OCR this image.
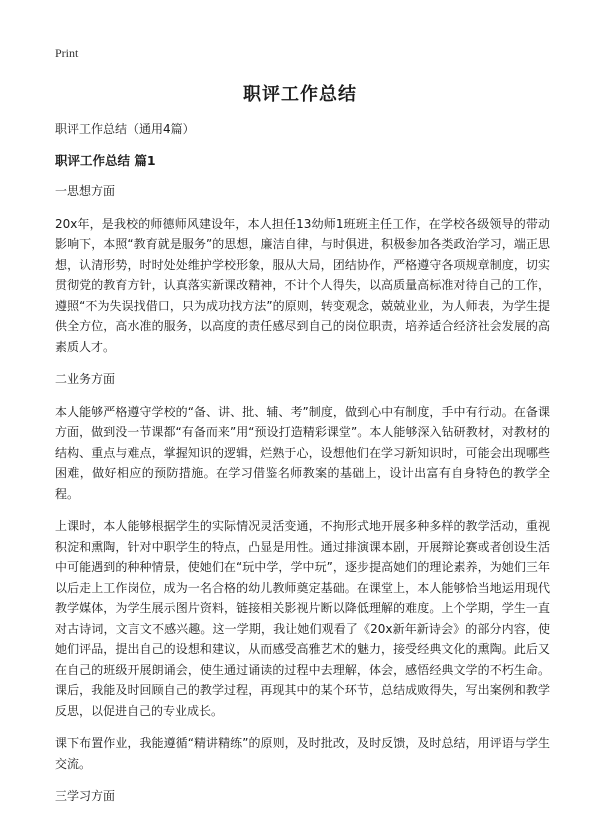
Print
职评工作总结

职评工作总结（通用4篇）

职评工作总结 篇1

一思想方面

20x年，是我校的师德师风建设年，本人担任13幼师1班班主任工作，在学校各级领导的带动影响下，本照“教育就是服务”的思想，廉洁自律，与时俱进，积极参加各类政治学习，端正思想，认清形势，时时处处维护学校形象，服从大局，团结协作，严格遵守各项规章制度，切实贯彻党的教育方针，认真落实新课改精神，不计个人得失，以高质量高标准对待自己的工作，遵照“不为失误找借口，只为成功找方法”的原则，转变观念，兢兢业业，为人师表，为学生提供全方位，高水准的服务，以高度的责任感尽到自己的岗位职责，培养适合经济社会发展的高素质人才。

二业务方面

本人能够严格遵守学校的“备、讲、批、辅、考”制度，做到心中有制度，手中有行动。在备课方面，做到没一节课都“有备而来”用“预设打造精彩课堂”。本人能够深入钻研教材，对教材的结构、重点与难点，掌握知识的逻辑，烂熟于心，设想他们在学习新知识时，可能会出现哪些困难，做好相应的预防措施。在学习借鉴名师教案的基础上，设计出富有自身特色的教学全程。

上课时，本人能够根据学生的实际情况灵活变通，不拘形式地开展多种多样的教学活动，重视积淀和熏陶，针对中职学生的特点，凸显是用性。通过排演课本剧，开展辩论赛或者创设生活中可能遇到的种种情景，使她们在“玩中学，学中玩”，逐步提高她们的理论素养，为她们三年以后走上工作岗位，成为一名合格的幼儿教师奠定基础。在课堂上，本人能够恰当地运用现代教学媒体，为学生展示图片资料，链接相关影视片断以降低理解的难度。上个学期，学生一直对古诗词，文言文不感兴趣。这一学期，我让她们观看了《20x新年新诗会》的部分内容，使她们评品，提出自己的设想和建议，从而感受高雅艺术的魅力，接受经典文化的熏陶。此后又在自己的班级开展朗诵会，使生通过诵读的过程中去理解，体会，感悟经典文学的不朽生命。课后，我能及时回顾自己的教学过程，再现其中的某个环节，总结成败得失，写出案例和教学反思，以促进自己的专业成长。

课下布置作业，我能遵循“精讲精练”的原则，及时批改，及时反馈，及时总结，用评语与学生交流。

三学习方面
